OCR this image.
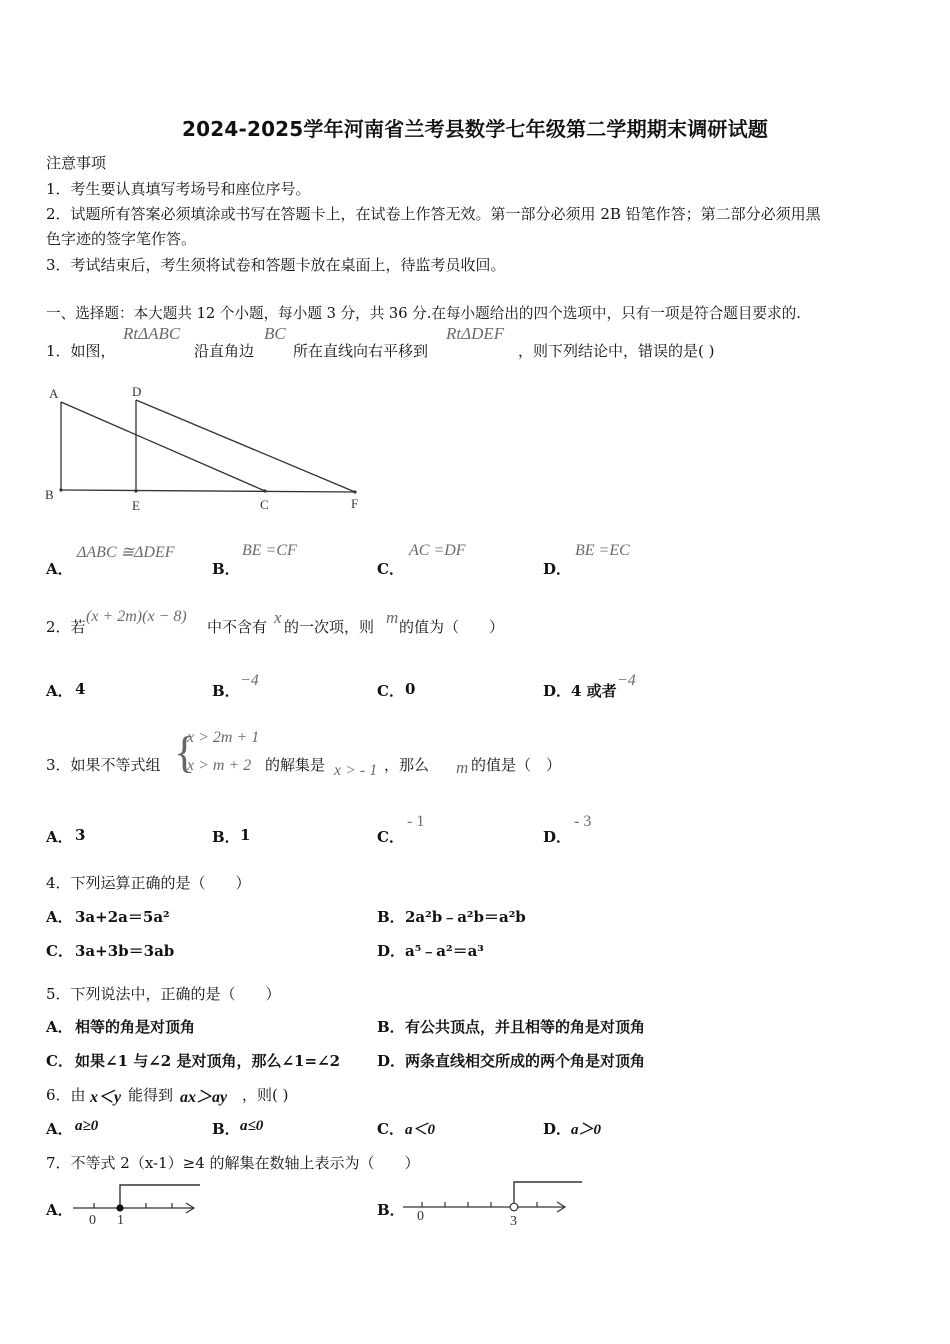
2024-2025学年河南省兰考县数学七年级第二学期期末调研试题
注意事项
1．考生要认真填写考场号和座位序号。
2．试题所有答案必须填涂或书写在答题卡上，在试卷上作答无效。第一部分必须用 2B 铅笔作答；第二部分必须用黑
色字迹的签字笔作答。
3．考试结束后，考生须将试卷和答题卡放在桌面上，待监考员收回。
一、选择题：本大题共 12 个小题，每小题 3 分，共 36 分.在每小题给出的四个选项中，只有一项是符合题目要求的.
1．如图，
RtΔABC
沿直角边
BC
所在直线向右平移到
RtΔDEF
，则下列结论中，错误的是( )
A	D
B
E	C	F
A．
ΔABC ≅ΔDEF
B．
BE =CF
C．
AC =DF
D．
BE =EC
2．若
(x + 2m)(x − 8)
中不含有 x 的一次项，则 m 的值为（　　）
A． 4	B．
−4
C． 0	D． 4 或者
−4
3．如果不等式组 {
x > 2m + 1
x > m + 2 的解集是 x > - 1 ，那么 m 的值是（　）
A． 3	B． 1	C．
- 1
D．
- 3
4．下列运算正确的是（　　）
A． 3a+2a＝5a²	B． 2a²b﹣a²b＝a²b
C． 3a+3b＝3ab	D． a⁵﹣a²＝a³
5．下列说法中，正确的是（　　）
A． 相等的角是对顶角	B． 有公共顶点，并且相等的角是对顶角
C． 如果∠1 与∠2 是对顶角，那么∠1=∠2 D． 两条直线相交所成的两个角是对顶角
6．由 x＜y 能得到 ax＞ay ，则( )
A． a≥0	B． a≤0	C． a＜0	D． a＞0
7．不等式 2（x-1）≥4 的解集在数轴上表示为（　　）
A．
0 1
B． 0	3
